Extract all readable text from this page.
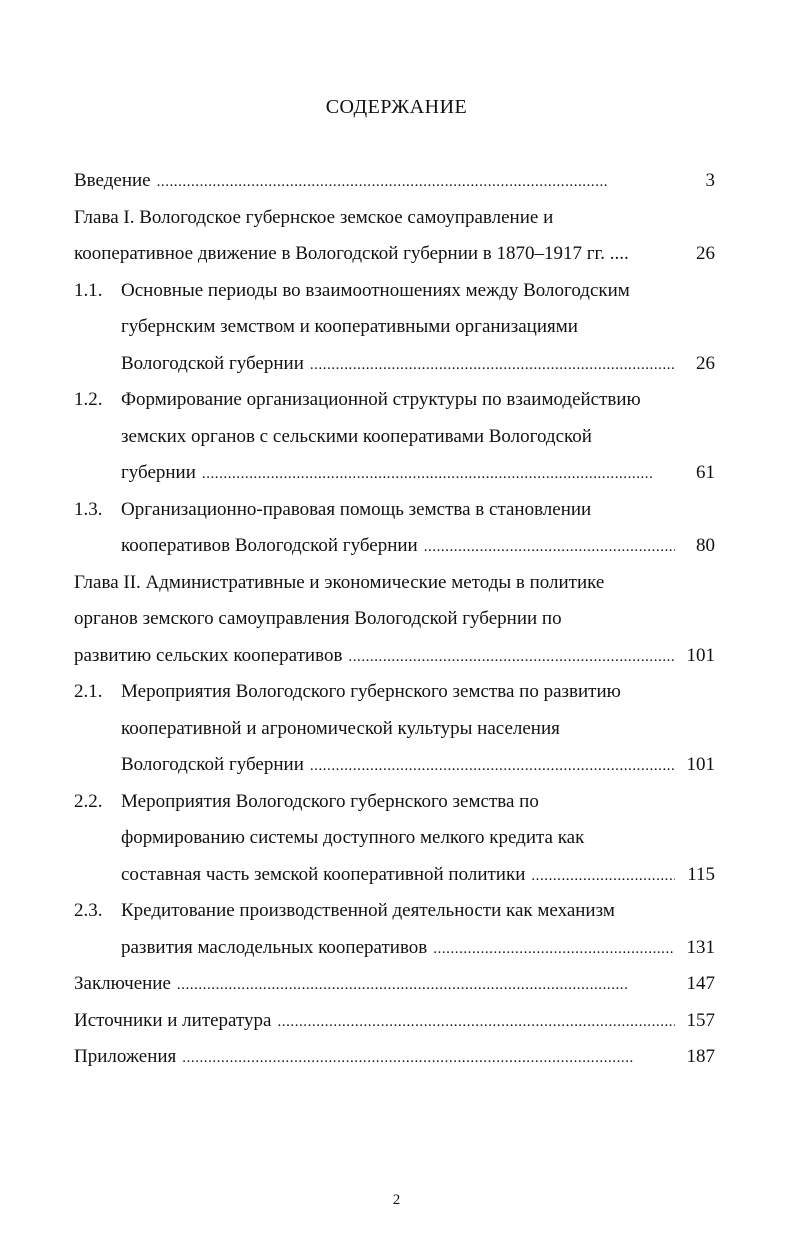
СОДЕРЖАНИЕ
Введение . . .	3
Глава I. Вологодское губернское земское самоуправление и
кооперативное движение в Вологодской губернии в 1870–1917 гг. ....	26
1.1. Основные периоды во взаимоотношениях между Вологодским
губернским земством и кооперативными организациями
Вологодской губернии . . .	26
1.2. Формирование организационной структуры по взаимодействию
земских органов с сельскими кооперативами Вологодской
губернии . . .	61
1.3. Организационно-правовая помощь земства в становлении
кооперативов Вологодской губернии . . .	80
Глава II. Административные и экономические методы в политике
органов земского самоуправления Вологодской губернии по
развитию сельских кооперативов . . .	101
2.1. Мероприятия Вологодского губернского земства по развитию
кооперативной и агрономической культуры населения
Вологодской губернии . . .	101
2.2. Мероприятия Вологодского губернского земства по
формированию системы доступного мелкого кредита как
составная часть земской кооперативной политики . . .	115
2.3. Кредитование производственной деятельности как механизм
развития маслодельных кооперативов . . .	131
Заключение . . .	147
Источники и литература . . .	157
Приложения . . .	187
2
